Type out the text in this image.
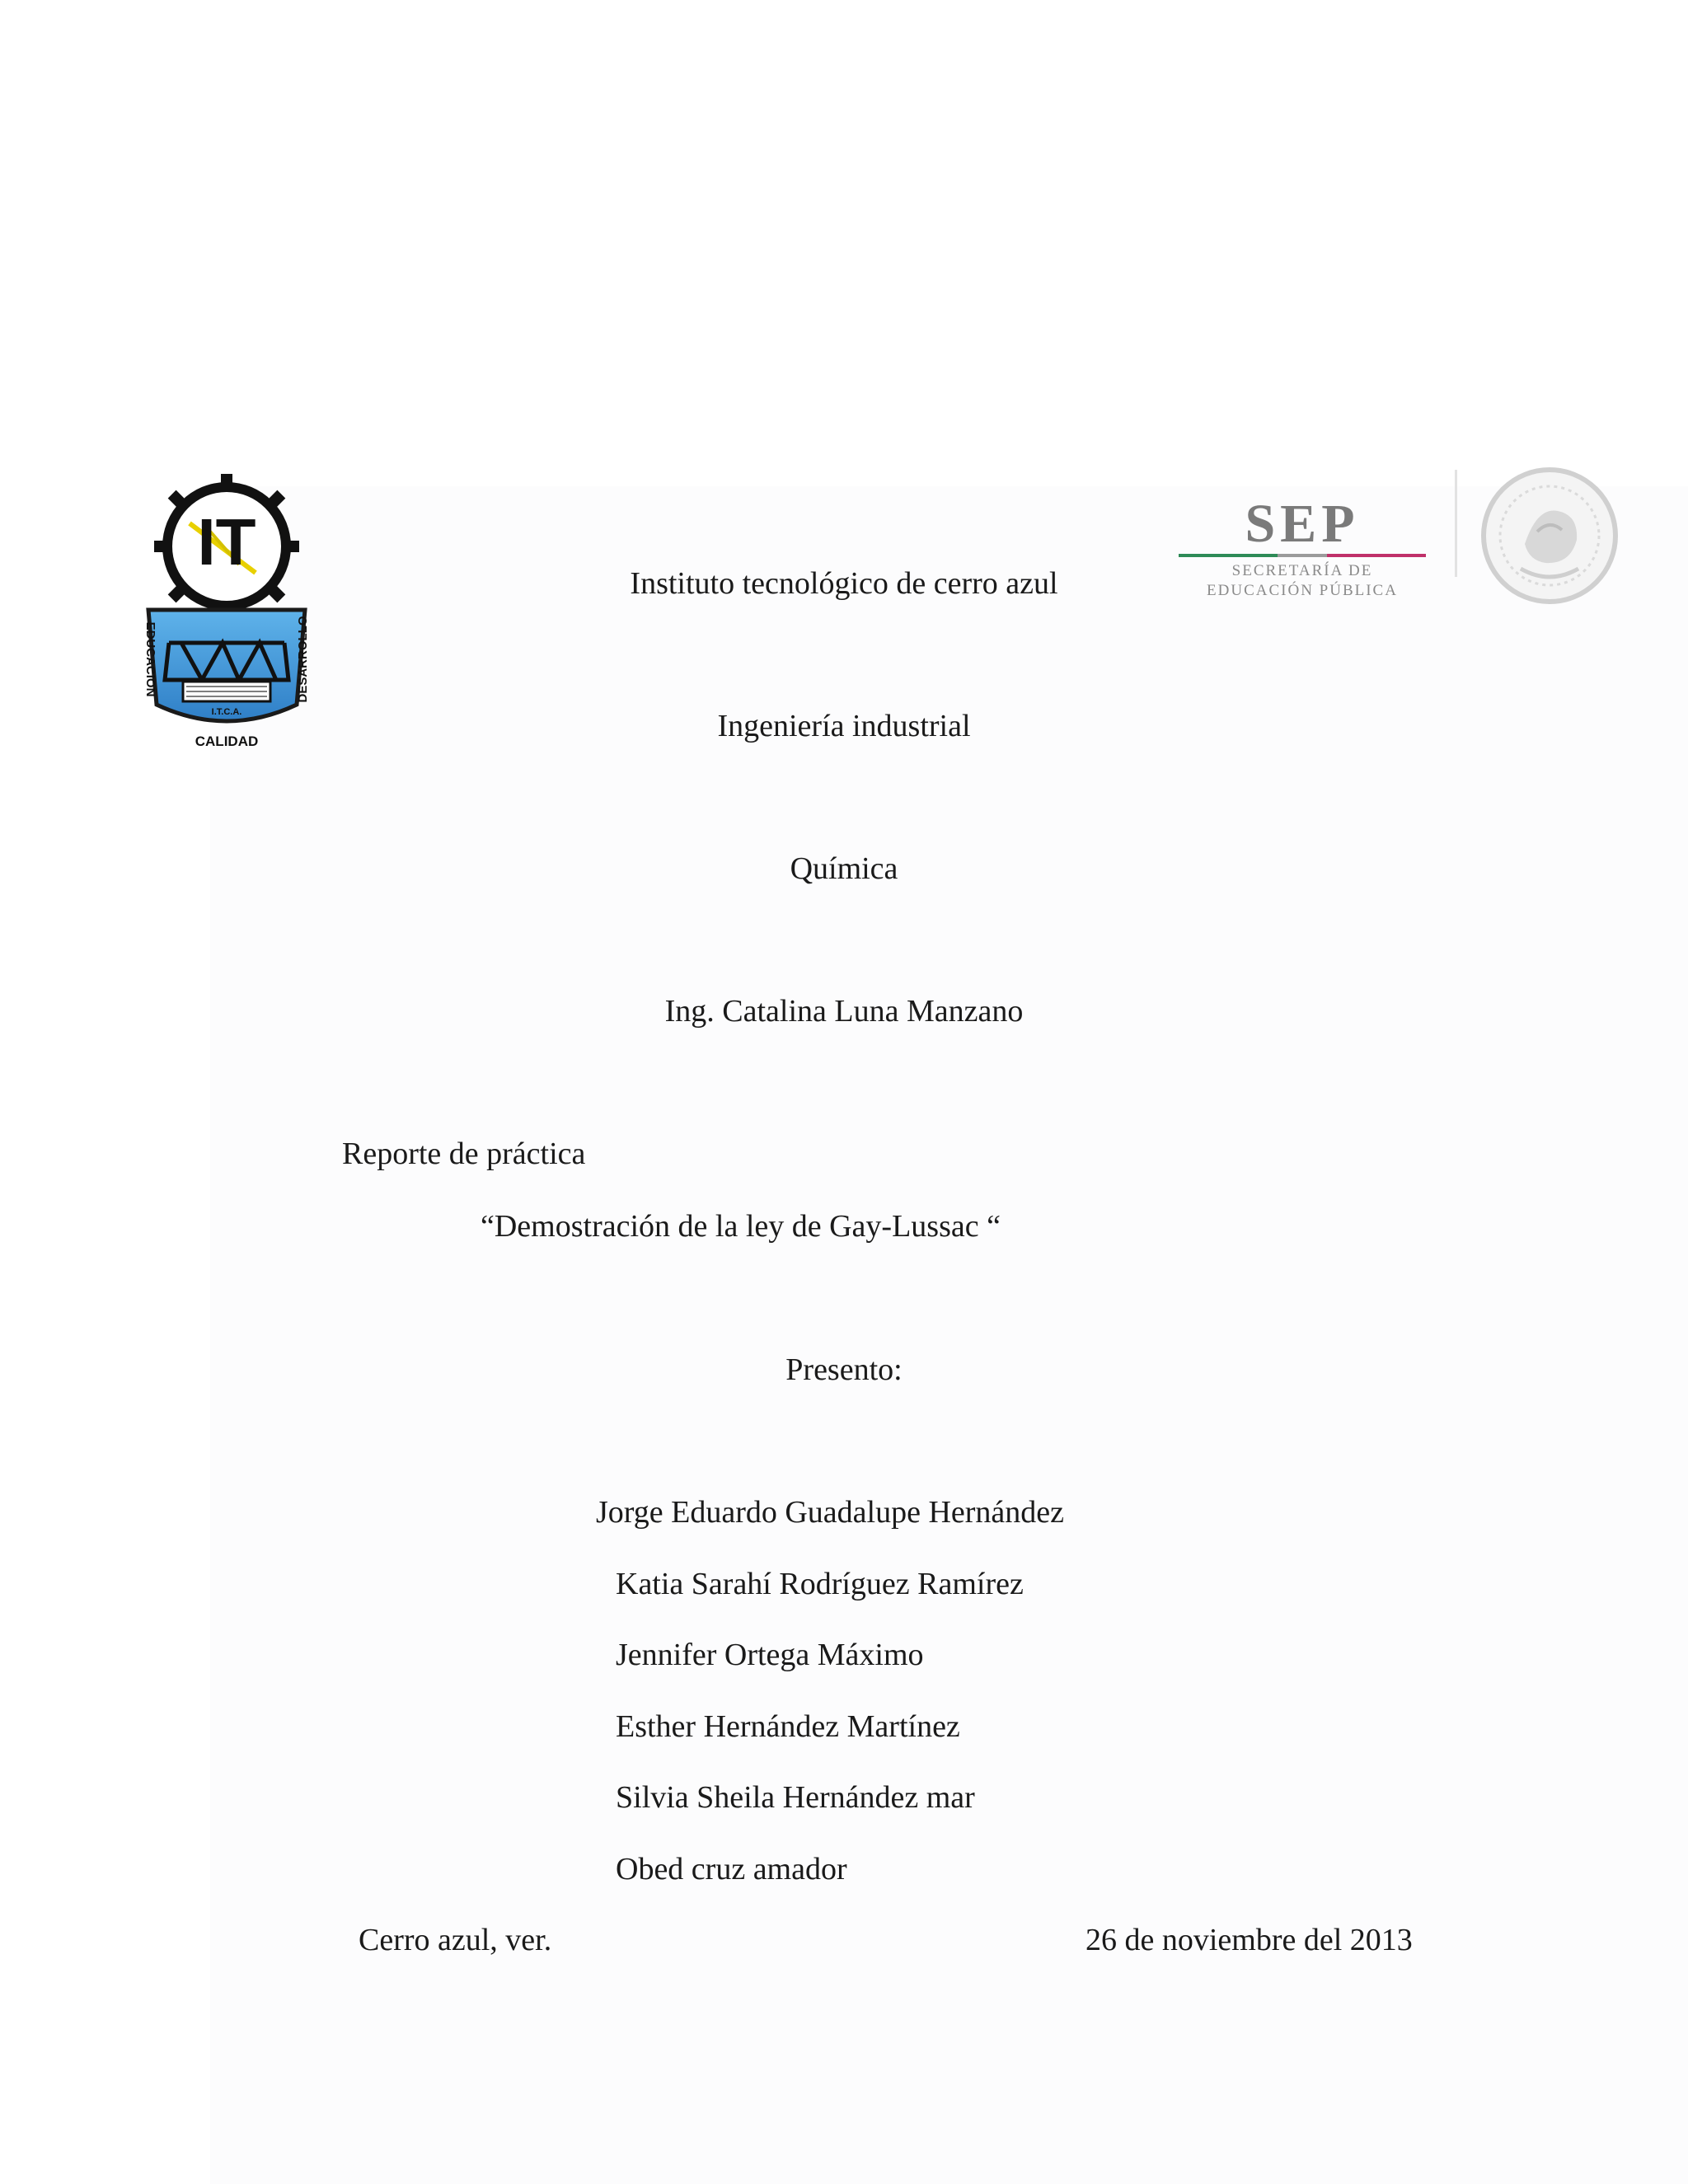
IT
I.T.C.A.
EDUCACION	DESARROLLO
CALIDAD
SEP
SECRETARÍA DE
EDUCACIÓN PÚBLICA
Instituto tecnológico de cerro azul
Ingeniería industrial
Química
Ing. Catalina Luna Manzano
Reporte de práctica
“Demostración de la ley de Gay-Lussac “
Presento:
Jorge Eduardo Guadalupe Hernández
Katia Sarahí Rodríguez Ramírez
Jennifer Ortega Máximo
Esther Hernández Martínez
Silvia Sheila Hernández mar
Obed cruz amador
Cerro azul, ver.	26 de noviembre del 2013
